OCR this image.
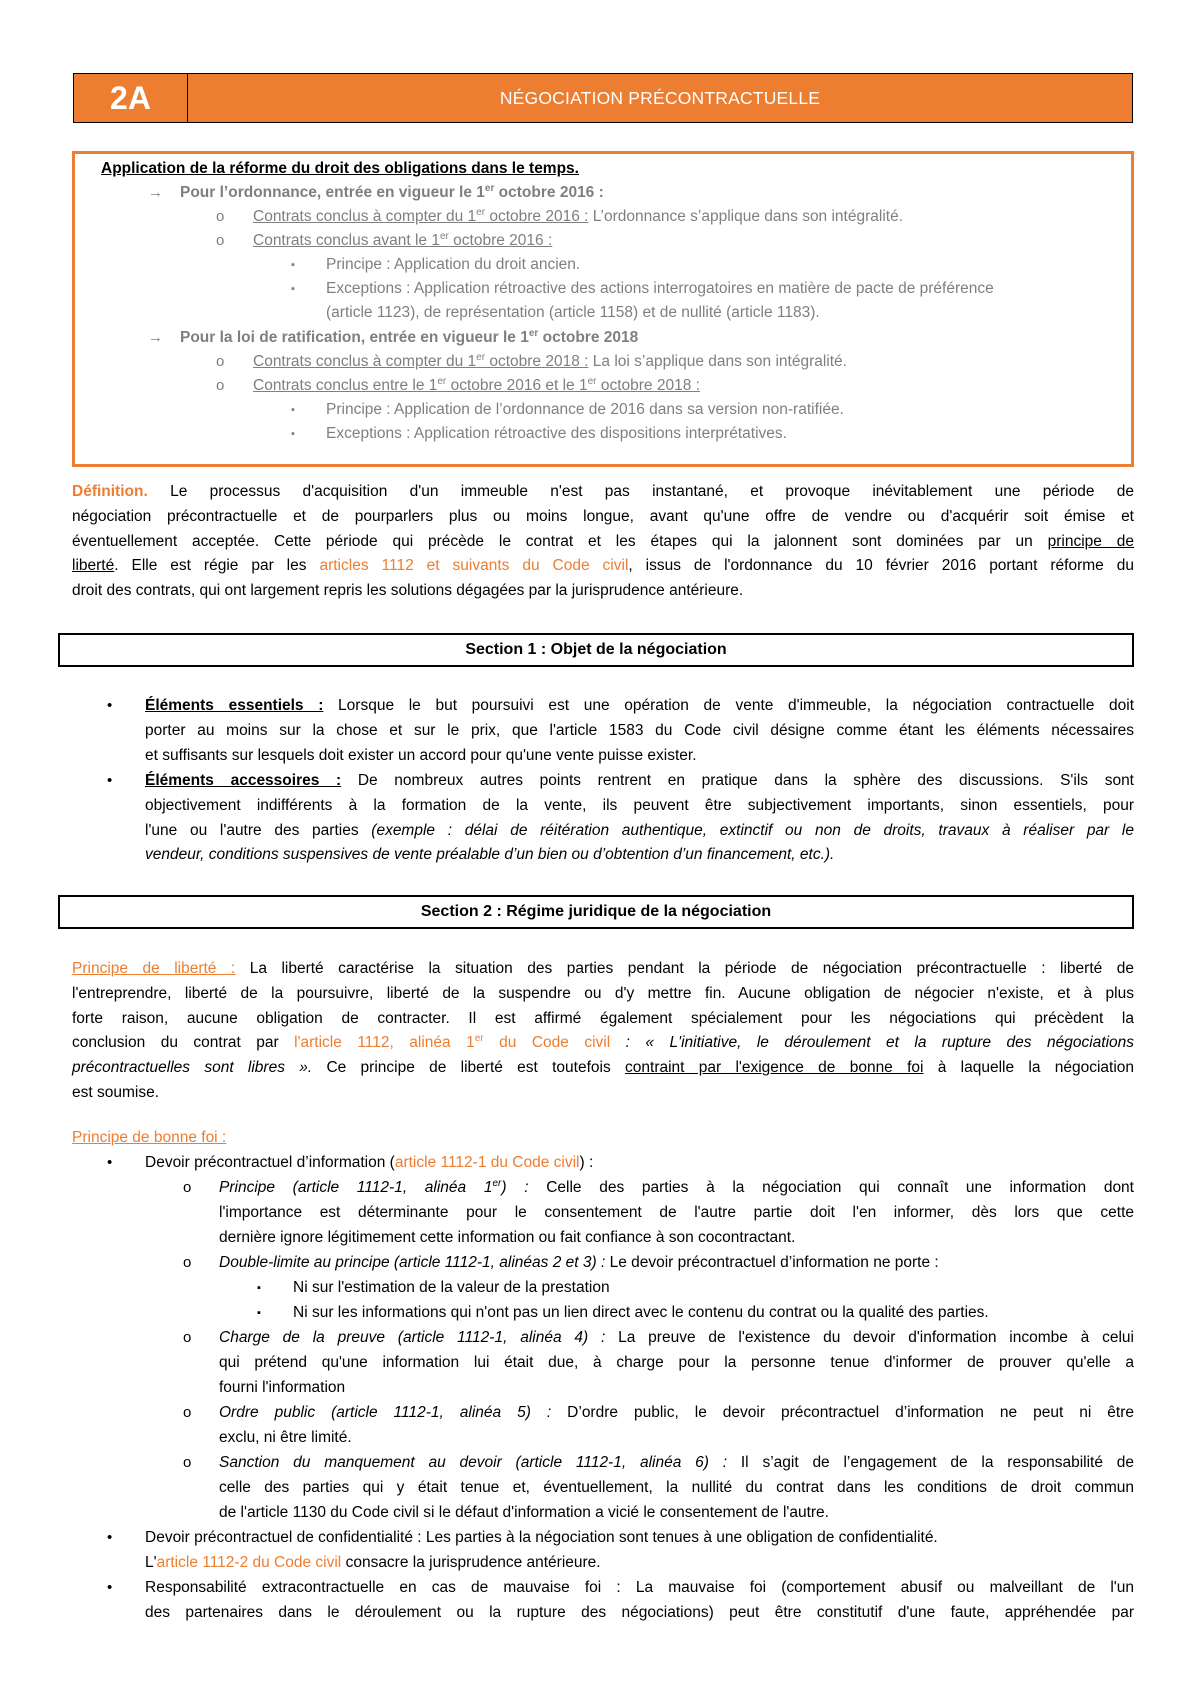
2A	NÉGOCIATION PRÉCONTRACTUELLE
Application de la réforme du droit des obligations dans le temps.
→ Pour l’ordonnance, entrée en vigueur le 1er octobre 2016 :
o Contrats conclus à compter du 1er octobre 2016 : L’ordonnance s’applique dans son intégralité.
o Contrats conclus avant le 1er octobre 2016 :
▪ Principe : Application du droit ancien.
▪ Exceptions : Application rétroactive des actions interrogatoires en matière de pacte de préférence
(article 1123), de représentation (article 1158) et de nullité (article 1183).
→ Pour la loi de ratification, entrée en vigueur le 1er octobre 2018
o Contrats conclus à compter du 1er octobre 2018 : La loi s’applique dans son intégralité.
o Contrats conclus entre le 1er octobre 2016 et le 1er octobre 2018 :
▪ Principe : Application de l’ordonnance de 2016 dans sa version non-ratifiée.
▪ Exceptions : Application rétroactive des dispositions interprétatives.
Définition. Le processus d'acquisition d'un immeuble n'est pas instantané, et provoque inévitablement une période de
négociation précontractuelle et de pourparlers plus ou moins longue, avant qu'une offre de vendre ou d'acquérir soit émise et
éventuellement acceptée. Cette période qui précède le contrat et les étapes qui la jalonnent sont dominées par un principe de
liberté. Elle est régie par les articles 1112 et suivants du Code civil, issus de l'ordonnance du 10 février 2016 portant réforme du
droit des contrats, qui ont largement repris les solutions dégagées par la jurisprudence antérieure.
Section 1 : Objet de la négociation
• Éléments essentiels : Lorsque le but poursuivi est une opération de vente d'immeuble, la négociation contractuelle doit
porter au moins sur la chose et sur le prix, que l'article 1583 du Code civil désigne comme étant les éléments nécessaires
et suffisants sur lesquels doit exister un accord pour qu'une vente puisse exister.
• Éléments accessoires : De nombreux autres points rentrent en pratique dans la sphère des discussions. S'ils sont
objectivement indifférents à la formation de la vente, ils peuvent être subjectivement importants, sinon essentiels, pour
l'une ou l'autre des parties (exemple : délai de réitération authentique, extinctif ou non de droits, travaux à réaliser par le
vendeur, conditions suspensives de vente préalable d’un bien ou d’obtention d’un financement, etc.).
Section 2 : Régime juridique de la négociation
Principe de liberté : La liberté caractérise la situation des parties pendant la période de négociation précontractuelle : liberté de
l'entreprendre, liberté de la poursuivre, liberté de la suspendre ou d'y mettre fin. Aucune obligation de négocier n'existe, et à plus
forte raison, aucune obligation de contracter. Il est affirmé également spécialement pour les négociations qui précèdent la
conclusion du contrat par l'article 1112, alinéa 1er du Code civil : « L'initiative, le déroulement et la rupture des négociations
précontractuelles sont libres ». Ce principe de liberté est toutefois contraint par l'exigence de bonne foi à laquelle la négociation
est soumise.
Principe de bonne foi :
• Devoir précontractuel d’information (article 1112-1 du Code civil) :
o Principe (article 1112-1, alinéa 1er) : Celle des parties à la négociation qui connaît une information dont
l'importance est déterminante pour le consentement de l'autre partie doit l'en informer, dès lors que cette
dernière ignore légitimement cette information ou fait confiance à son cocontractant.
o Double-limite au principe (article 1112-1, alinéas 2 et 3) : Le devoir précontractuel d’information ne porte :
▪ Ni sur l'estimation de la valeur de la prestation
▪ Ni sur les informations qui n'ont pas un lien direct avec le contenu du contrat ou la qualité des parties.
o Charge de la preuve (article 1112-1, alinéa 4) : La preuve de l'existence du devoir d'information incombe à celui
qui prétend qu'une information lui était due, à charge pour la personne tenue d'informer de prouver qu'elle a
fourni l'information
o Ordre public (article 1112-1, alinéa 5) : D’ordre public, le devoir précontractuel d’information ne peut ni être
exclu, ni être limité.
o Sanction du manquement au devoir (article 1112-1, alinéa 6) : Il s’agit de l’engagement de la responsabilité de
celle des parties qui y était tenue et, éventuellement, la nullité du contrat dans les conditions de droit commun
de l'article 1130 du Code civil si le défaut d'information a vicié le consentement de l'autre.
• Devoir précontractuel de confidentialité : Les parties à la négociation sont tenues à une obligation de confidentialité.
L'article 1112-2 du Code civil consacre la jurisprudence antérieure.
• Responsabilité extracontractuelle en cas de mauvaise foi : La mauvaise foi (comportement abusif ou malveillant de l'un
des partenaires dans le déroulement ou la rupture des négociations) peut être constitutif d'une faute, appréhendée par
